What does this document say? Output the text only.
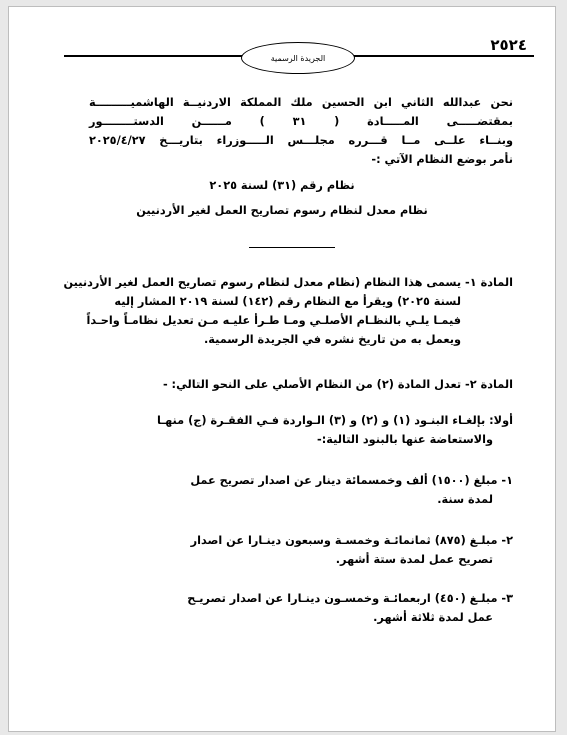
الجريدة الرسمية
٢٥٢٤
نحن عبدالله الثاني ابن الحسين ملك المملكة الاردنيــة الهاشميـــــــــة
بمقتضـــــى المـــــادة ( ٣١ ) مــــــن الدستــــــــور
وبنــاء علــى مــا قـــرره مجلـــس الـــــوزراء بتاريـــخ ٢٠٢٥/٤/٢٧
نأمر بوضع النظام الآتي :-
نظام رقم (٣١) لسنة ٢٠٢٥
نظام معدل لنظام رسوم تصاريح العمل لغير الأردنيين
المادة ١- يسمى هذا النظام (نظام معدل لنظام رسوم تصاريح العمل لغير الأردنيين
لسنة ٢٠٢٥) ويقرأ مع النظام رقم (١٤٢) لسنة ٢٠١٩ المشار إليه
فيمـا يلـي بالنظـام الأصلـي ومـا طـرأ عليـه مـن تعديل نظامـاً واحـداً
ويعمل به من تاريخ نشره في الجريدة الرسمية.
المادة ٢- تعدل المادة (٢) من النظام الأصلي على النحو التالي: -
أولا: بإلغـاء البنـود (١) و (٢) و (٣) الـواردة فـي الفقـرة (ج) منهـا
والاستعاضة عنها بالبنود التالية:-
١- مبلغ (١٥٠٠) ألف وخمسمائة دينار عن اصدار تصريح عمل
لمدة سنة.
٢- مبلـغ (٨٧٥) ثمانمائـة وخمسـة وسبعون دينـارا عن اصدار
تصريح عمل لمدة ستة أشهر.
٣- مبلـغ (٤٥٠) اربعمائـة وخمسـون دينـارا عن اصدار تصريـح
عمل لمدة ثلاثة أشهر.
